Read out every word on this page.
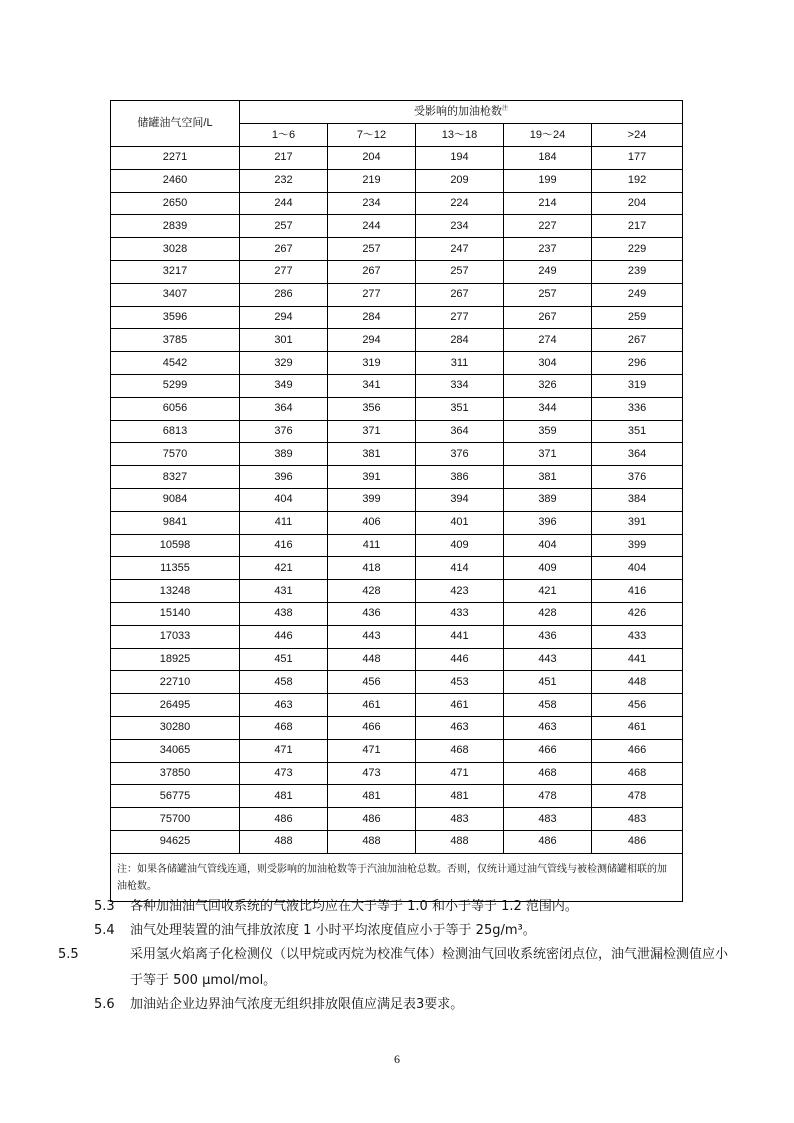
储罐油气空间/L	受影响的加油枪数$^注$
	1～6	7～12	13～18	19～24	>24
2271	217	204	194	184	177
2460	232	219	209	199	192
2650	244	234	224	214	204
2839	257	244	234	227	217
3028	267	257	247	237	229
3217	277	267	257	249	239
3407	286	277	267	257	249
3596	294	284	277	267	259
3785	301	294	284	274	267
4542	329	319	311	304	296
5299	349	341	334	326	319
6056	364	356	351	344	336
6813	376	371	364	359	351
7570	389	381	376	371	364
8327	396	391	386	381	376
9084	404	399	394	389	384
9841	411	406	401	396	391
10598	416	411	409	404	399
11355	421	418	414	409	404
13248	431	428	423	421	416
15140	438	436	433	428	426
17033	446	443	441	436	433
18925	451	448	446	443	441
22710	458	456	453	451	448
26495	463	461	461	458	456
30280	468	466	463	463	461
34065	471	471	468	466	466
37850	473	473	471	468	468
56775	481	481	481	478	478
75700	486	486	483	483	483
94625	488	488	488	486	486
注：如果各储罐油气管线连通，则受影响的加油枪数等于汽油加油枪总数。否则，仅统计通过油气管线与被检测储罐相联的加油枪数。					
5.3 各种加油油气回收系统的气液比均应在大于等于 1.0 和小于等于 1.2 范围内。
5.4 油气处理装置的油气排放浓度 1 小时平均浓度值应小于等于 25g/m³。
5.5	采用氢火焰离子化检测仪（以甲烷或丙烷为校准气体）检测油气回收系统密闭点位，油气泄漏检测值应小于等于 500 μmol/mol。
5.6 加油站企业边界油气浓度无组织排放限值应满足表3要求。
6
